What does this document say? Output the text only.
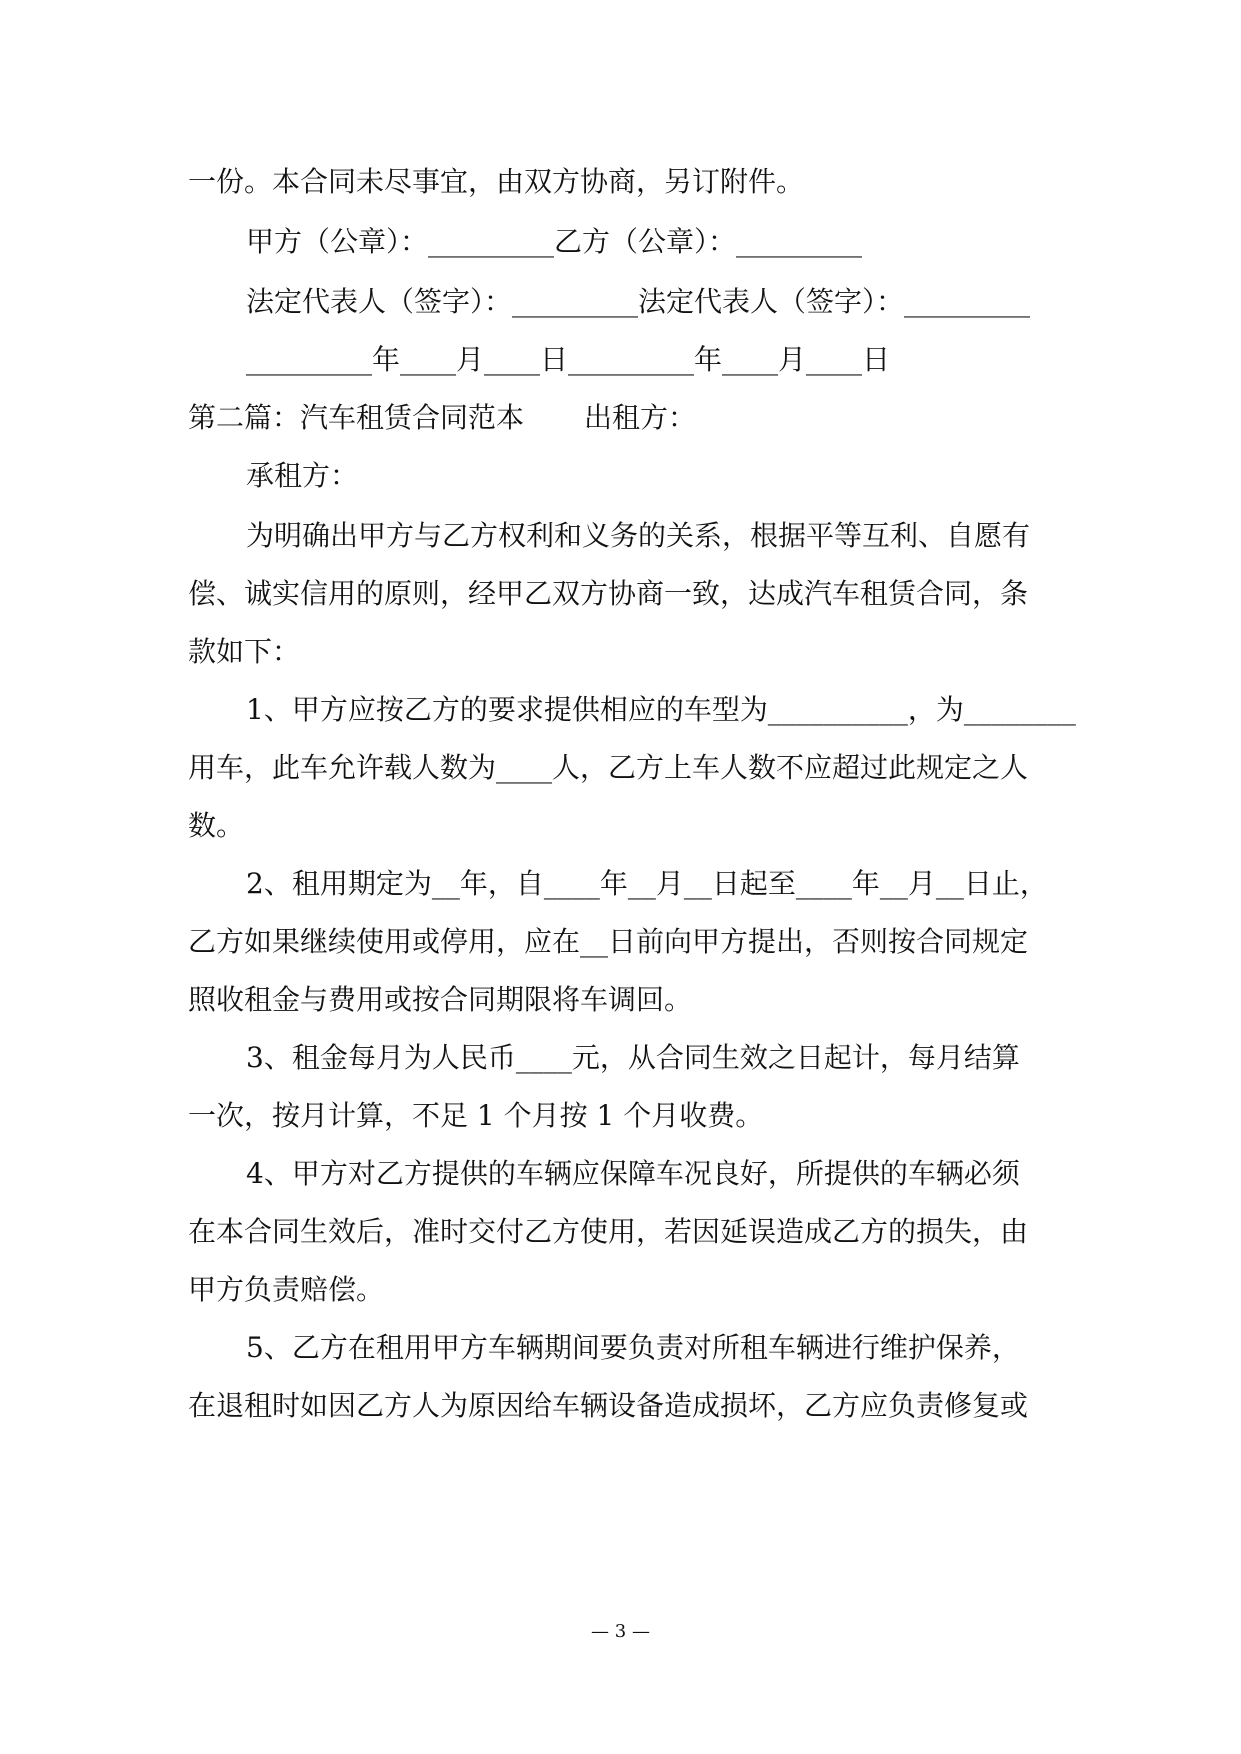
一份。本合同未尽事宜，由双方协商，另订附件。

甲方（公章）：_________乙方（公章）：_________

法定代表人（签字）：_________法定代表人（签字）：_________

_________年____月____日_________年____月____日

第二篇：汽车租赁合同范本 出租方：

承租方：

为明确出甲方与乙方权利和义务的关系，根据平等互利、自愿有

偿、诚实信用的原则，经甲乙双方协商一致，达成汽车租赁合同，条

款如下：

1、甲方应按乙方的要求提供相应的车型为__________，为________

用车，此车允许载人数为____人，乙方上车人数不应超过此规定之人

数。

2、租用期定为__年，自____年__月__日起至____年__月__日止，

乙方如果继续使用或停用，应在__日前向甲方提出，否则按合同规定

照收租金与费用或按合同期限将车调回。

3、租金每月为人民币____元，从合同生效之日起计，每月结算

一次，按月计算，不足 1 个月按 1 个月收费。

4、甲方对乙方提供的车辆应保障车况良好，所提供的车辆必须

在本合同生效后，准时交付乙方使用，若因延误造成乙方的损失，由

甲方负责赔偿。

5、乙方在租用甲方车辆期间要负责对所租车辆进行维护保养，

在退租时如因乙方人为原因给车辆设备造成损坏，乙方应负责修复或

— 3 —
